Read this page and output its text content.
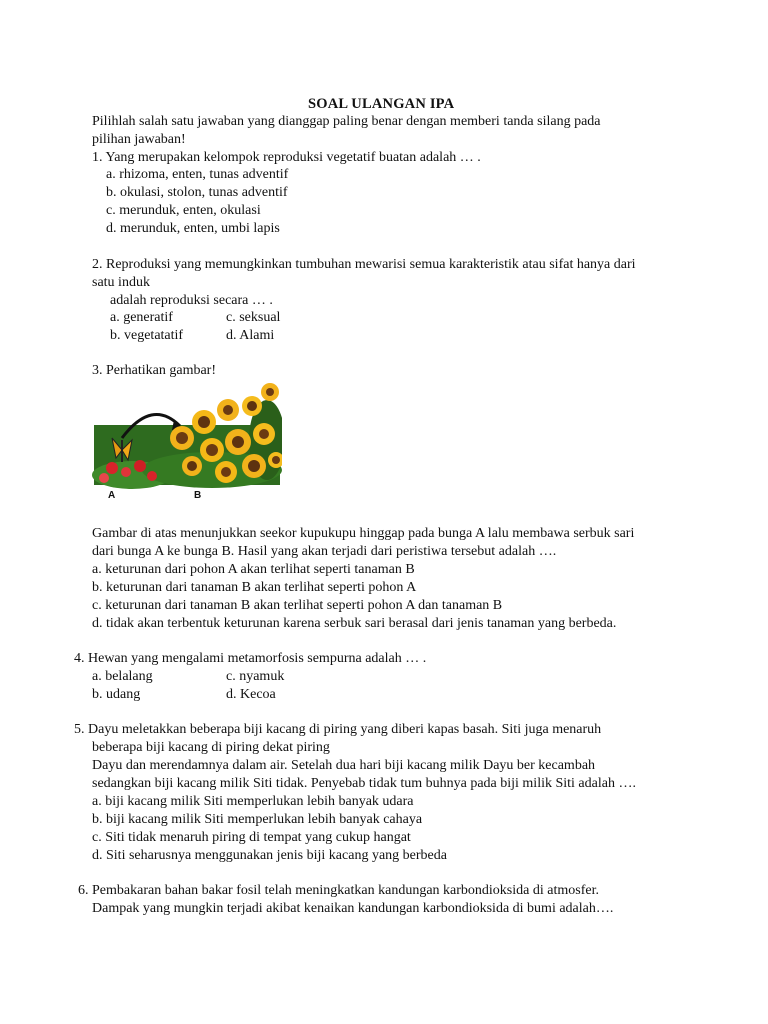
SOAL ULANGAN IPA
Pilihlah salah satu jawaban yang dianggap paling benar dengan memberi tanda silang pada
pilihan jawaban!
1. Yang merupakan kelompok reproduksi vegetatif buatan adalah … .
a. rhizoma, enten, tunas adventif
b. okulasi, stolon, tunas adventif
c. merunduk, enten, okulasi
d. merunduk, enten, umbi lapis
2. Reproduksi yang memungkinkan tumbuhan mewarisi semua karakteristik atau sifat hanya dari
satu induk
adalah reproduksi secara … .
a. generatif	c. seksual
b. vegetatatif	d. Alami
3. Perhatikan gambar!
A	B
Gambar di atas menunjukkan seekor kupukupu hinggap pada bunga A lalu membawa serbuk sari
dari bunga A ke bunga B. Hasil yang akan terjadi dari peristiwa tersebut adalah ….
a. keturunan dari pohon A akan terlihat seperti tanaman B
b. keturunan dari tanaman B akan terlihat seperti pohon A
c. keturunan dari tanaman B akan terlihat seperti pohon A dan tanaman B
d. tidak akan terbentuk keturunan karena serbuk sari berasal dari jenis tanaman yang berbeda.
4. Hewan yang mengalami metamorfosis sempurna adalah … .
a. belalang	c. nyamuk
b. udang	d. Kecoa
5. Dayu meletakkan beberapa biji kacang di piring yang diberi kapas basah. Siti juga menaruh
beberapa biji kacang di piring dekat piring
Dayu dan merendamnya dalam air. Setelah dua hari biji kacang milik Dayu ber kecambah
sedangkan biji kacang milik Siti tidak. Penyebab tidak tum buhnya pada biji milik Siti adalah ….
a. biji kacang milik Siti memperlukan lebih banyak udara
b. biji kacang milik Siti memperlukan lebih banyak cahaya
c. Siti tidak menaruh piring di tempat yang cukup hangat
d. Siti seharusnya menggunakan jenis biji kacang yang berbeda
6. Pembakaran bahan bakar fosil telah meningkatkan kandungan karbondioksida di atmosfer.
Dampak yang mungkin terjadi akibat kenaikan kandungan karbondioksida di bumi adalah….
